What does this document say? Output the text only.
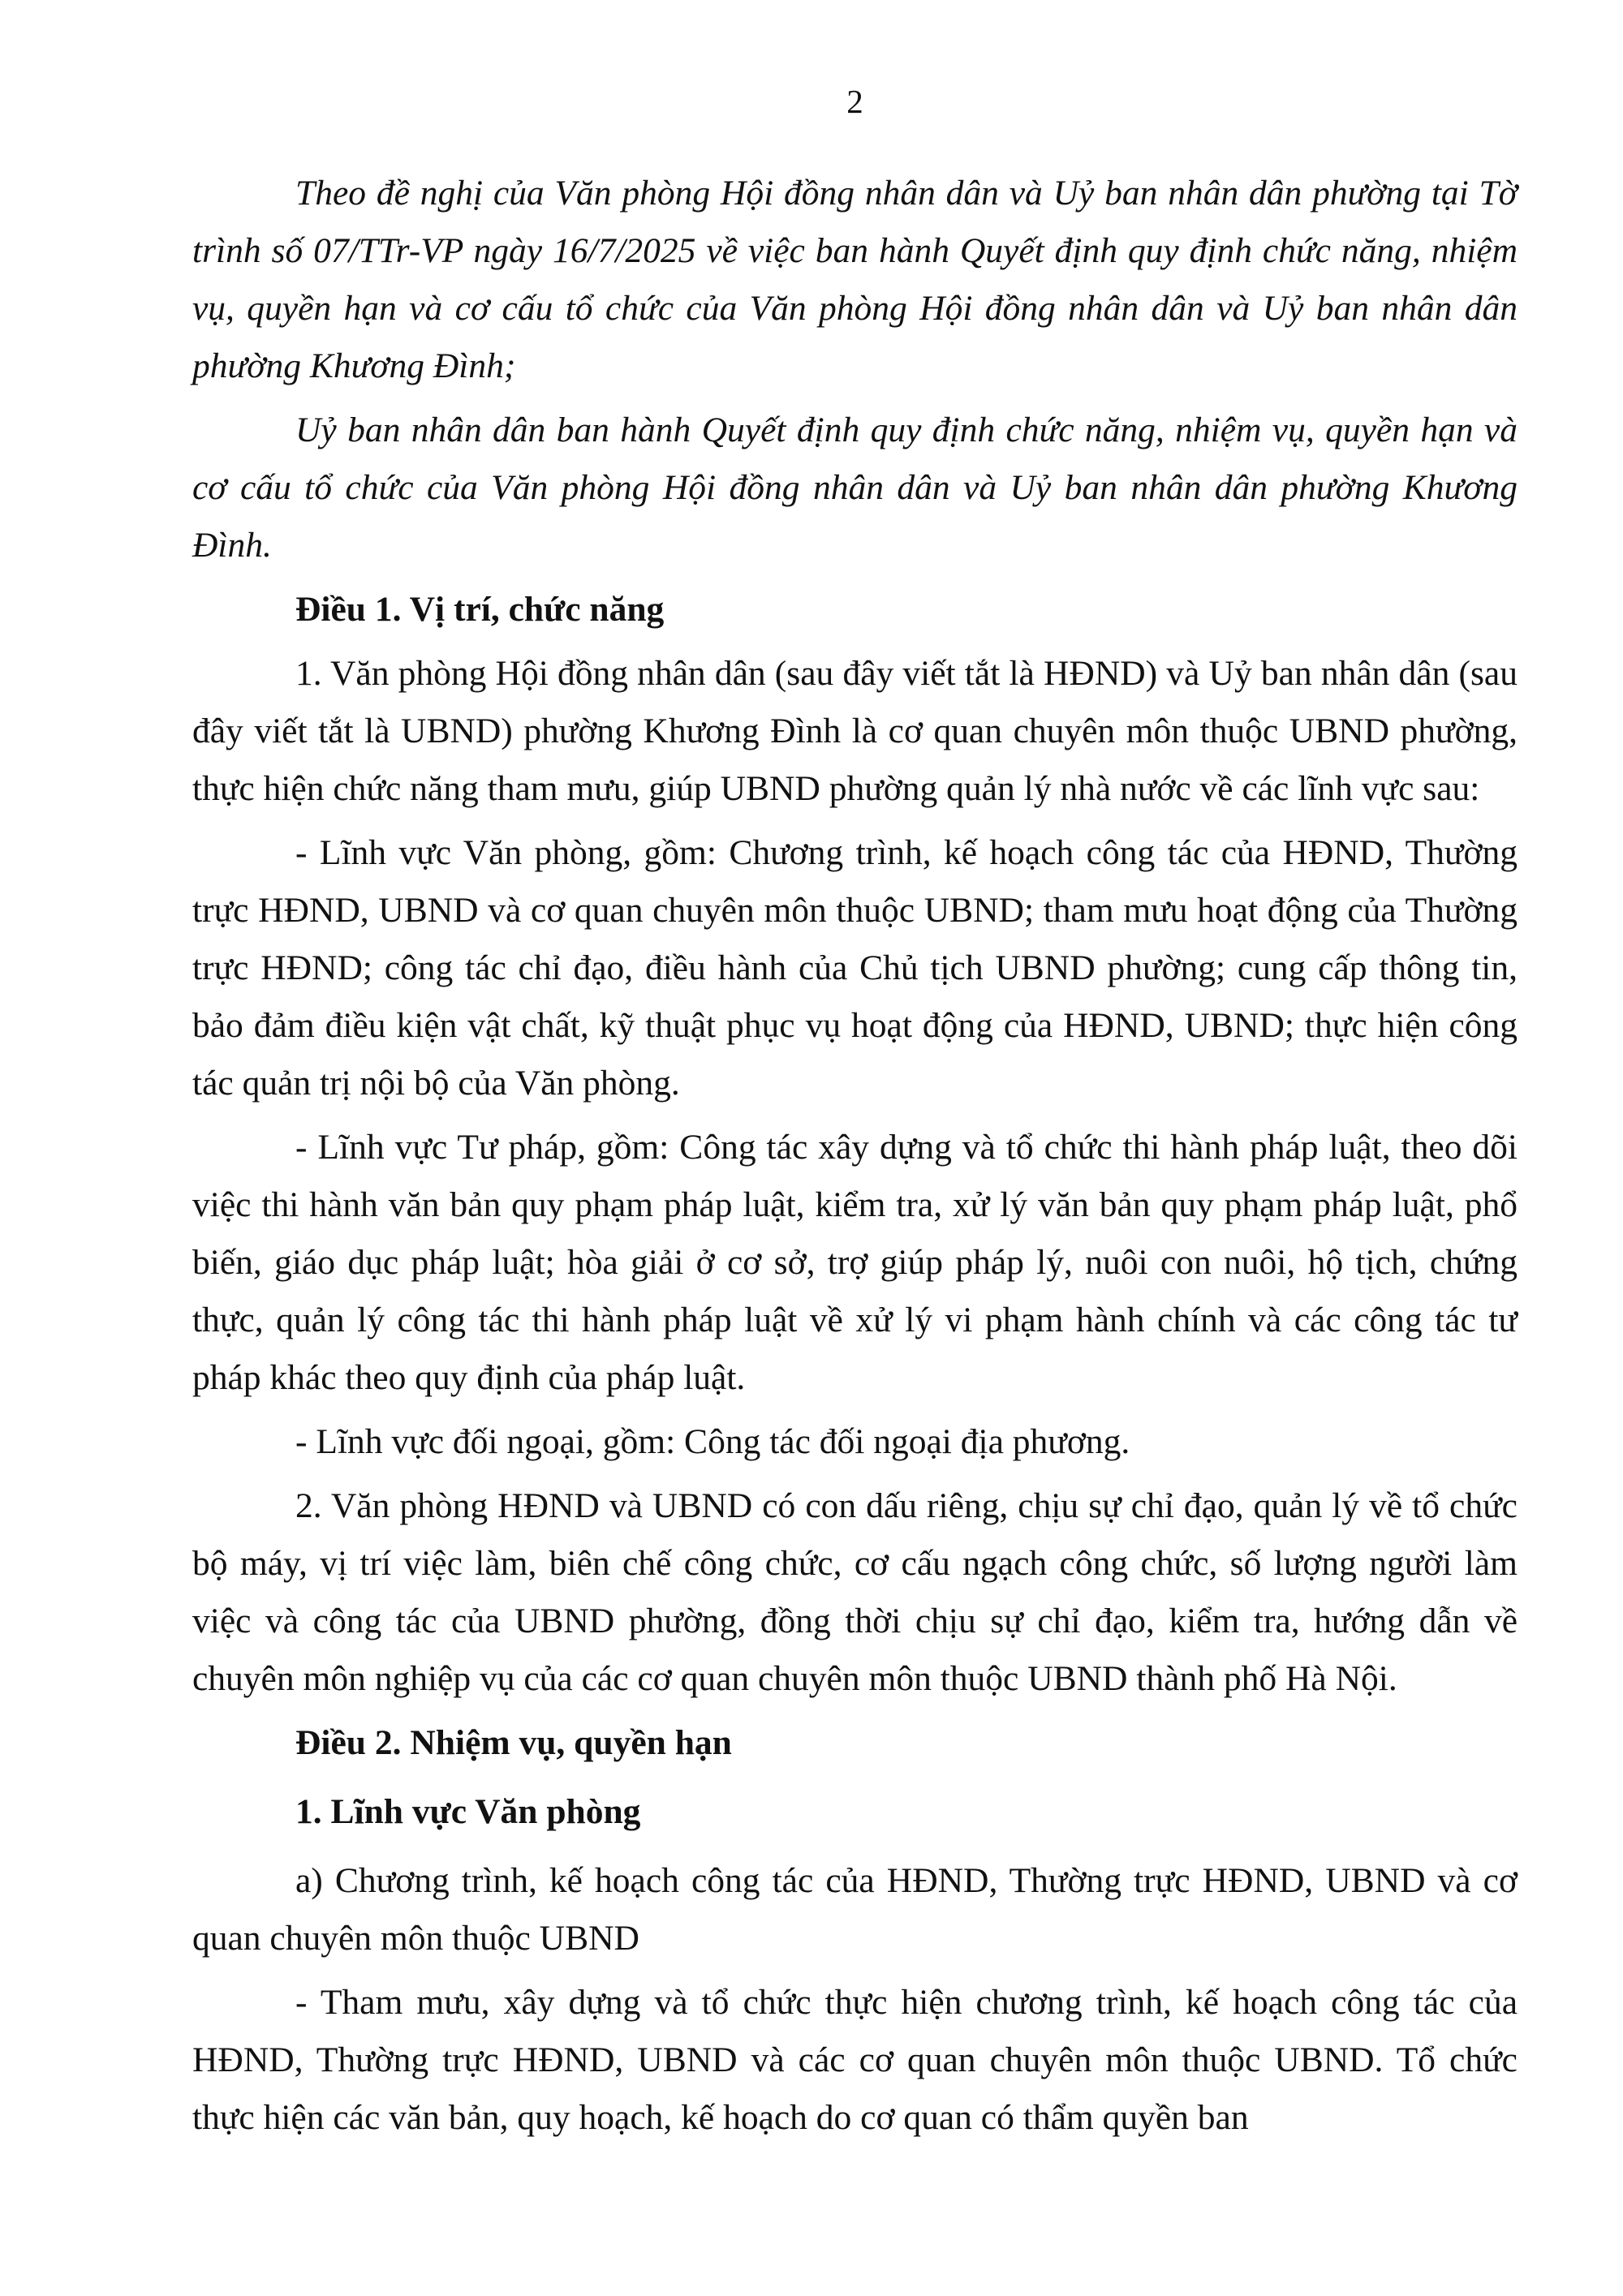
2

Theo đề nghị của Văn phòng Hội đồng nhân dân và Uỷ ban nhân dân phường tại Tờ trình số 07/TTr-VP ngày 16/7/2025 về việc ban hành Quyết định quy định chức năng, nhiệm vụ, quyền hạn và cơ cấu tổ chức của Văn phòng Hội đồng nhân dân và Uỷ ban nhân dân phường Khương Đình;

Uỷ ban nhân dân ban hành Quyết định quy định chức năng, nhiệm vụ, quyền hạn và cơ cấu tổ chức của Văn phòng Hội đồng nhân dân và Uỷ ban nhân dân phường Khương Đình.

Điều 1. Vị trí, chức năng

1. Văn phòng Hội đồng nhân dân (sau đây viết tắt là HĐND) và Uỷ ban nhân dân (sau đây viết tắt là UBND) phường Khương Đình là cơ quan chuyên môn thuộc UBND phường, thực hiện chức năng tham mưu, giúp UBND phường quản lý nhà nước về các lĩnh vực sau:

- Lĩnh vực Văn phòng, gồm: Chương trình, kế hoạch công tác của HĐND, Thường trực HĐND, UBND và cơ quan chuyên môn thuộc UBND; tham mưu hoạt động của Thường trực HĐND; công tác chỉ đạo, điều hành của Chủ tịch UBND phường; cung cấp thông tin, bảo đảm điều kiện vật chất, kỹ thuật phục vụ hoạt động của HĐND, UBND; thực hiện công tác quản trị nội bộ của Văn phòng.

- Lĩnh vực Tư pháp, gồm: Công tác xây dựng và tổ chức thi hành pháp luật, theo dõi việc thi hành văn bản quy phạm pháp luật, kiểm tra, xử lý văn bản quy phạm pháp luật, phổ biến, giáo dục pháp luật; hòa giải ở cơ sở, trợ giúp pháp lý, nuôi con nuôi, hộ tịch, chứng thực, quản lý công tác thi hành pháp luật về xử lý vi phạm hành chính và các công tác tư pháp khác theo quy định của pháp luật.

- Lĩnh vực đối ngoại, gồm: Công tác đối ngoại địa phương.

2. Văn phòng HĐND và UBND có con dấu riêng, chịu sự chỉ đạo, quản lý về tổ chức bộ máy, vị trí việc làm, biên chế công chức, cơ cấu ngạch công chức, số lượng người làm việc và công tác của UBND phường, đồng thời chịu sự chỉ đạo, kiểm tra, hướng dẫn về chuyên môn nghiệp vụ của các cơ quan chuyên môn thuộc UBND thành phố Hà Nội.

Điều 2. Nhiệm vụ, quyền hạn

1. Lĩnh vực Văn phòng

a) Chương trình, kế hoạch công tác của HĐND, Thường trực HĐND, UBND và cơ quan chuyên môn thuộc UBND

- Tham mưu, xây dựng và tổ chức thực hiện chương trình, kế hoạch công tác của HĐND, Thường trực HĐND, UBND và các cơ quan chuyên môn thuộc UBND. Tổ chức thực hiện các văn bản, quy hoạch, kế hoạch do cơ quan có thẩm quyền ban
